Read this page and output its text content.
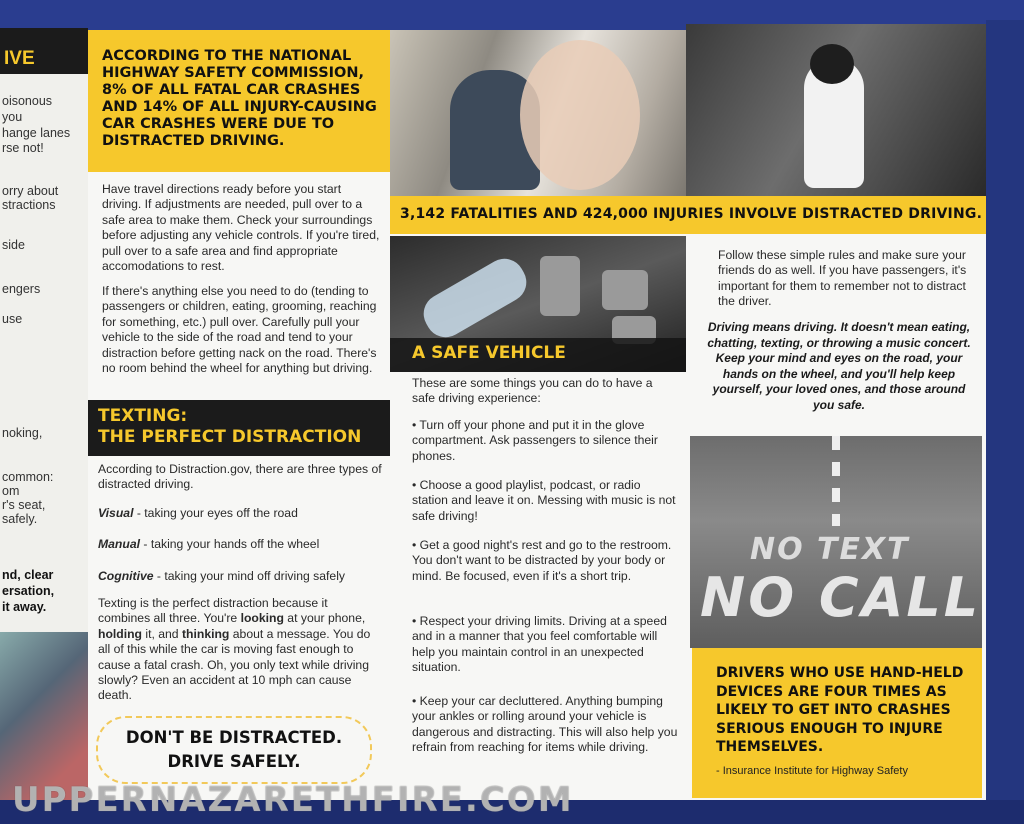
IVE
oisonous
you
hange lanes
rse not!
orry about
stractions
side
engers
use
noking,
common:
om
r's seat,
safely.
nd, clear
ersation,
it away.
ACCORDING TO THE NATIONAL HIGHWAY SAFETY COMMISSION, 8% OF ALL FATAL CAR CRASHES AND 14% OF ALL INJURY-CAUSING CAR CRASHES WERE DUE TO DISTRACTED DRIVING.

Have travel directions ready before you start driving. If adjustments are needed, pull over to a safe area to make them. Check your surroundings before adjusting any vehicle controls. If you're tired, pull over to a safe area and find appropriate accomodations to rest.

If there's anything else you need to do (tending to passengers or children, eating, grooming, reaching for something, etc.) pull over. Carefully pull your vehicle to the side of the road and tend to your distraction before getting nack on the road. There's no room behind the wheel for anything but driving.

TEXTING:
THE PERFECT DISTRACTION

According to Distraction.gov, there are three types of distracted driving.

Visual - taking your eyes off the road

Manual - taking your hands off the wheel

Cognitive - taking your mind off driving safely

Texting is the perfect distraction because it combines all three. You're looking at your phone, holding it, and thinking about a message. You do all of this while the car is moving fast enough to cause a fatal crash. Oh, you only text while driving slowly? Even an accident at 10 mph can cause death.

DON'T BE DISTRACTED.
DRIVE SAFELY.
A SAFE VEHICLE

These are some things you can do to have a safe driving experience:

• Turn off your phone and put it in the glove compartment. Ask passengers to silence their phones.

• Choose a good playlist, podcast, or radio station and leave it on. Messing with music is not safe driving!

• Get a good night's rest and go to the restroom. You don't want to be distracted by your body or mind. Be focused, even if it's a short trip.

• Respect your driving limits. Driving at a speed and in a manner that you feel comfortable will help you maintain control in an unexpected situation.

• Keep your car decluttered. Anything bumping your ankles or rolling around your vehicle is dangerous and distracting. This will also help you refrain from reaching for items while driving.

Follow these simple rules and make sure your friends do as well. If you have passengers, it's important for them to remember not to distract the driver.

Driving means driving. It doesn't mean eating, chatting, texting, or throwing a music concert. Keep your mind and eyes on the road, your hands on the wheel, and you'll help keep yourself, your loved ones, and those around you safe.

NO TEXT
NO CALL
DRIVERS WHO USE HAND-HELD DEVICES ARE FOUR TIMES AS LIKELY TO GET INTO CRASHES SERIOUS ENOUGH TO INJURE THEMSELVES.
- Insurance Institute for Highway Safety
3,142 FATALITIES AND 424,000 INJURIES INVOLVE DISTRACTED DRIVING.
UPPERNAZARETHFIRE.COM
